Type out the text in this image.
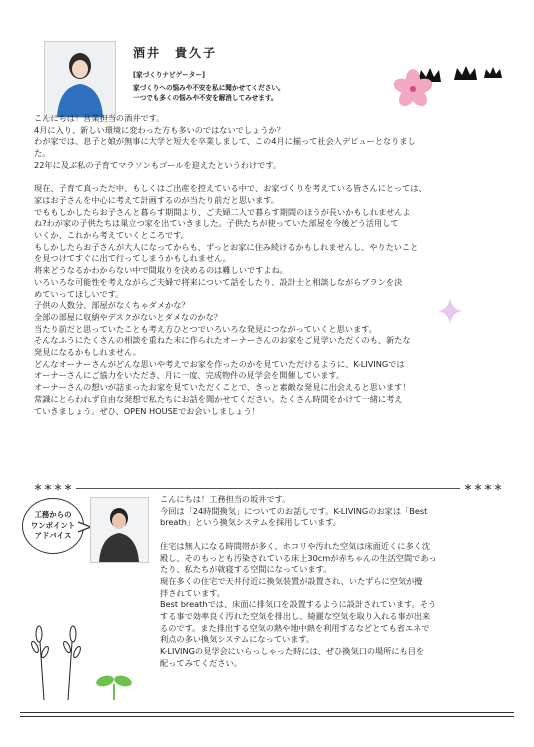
酒井　貴久子
[家づくりナビゲーター]
家づくりへの悩みや不安を私に聞かせてください。
一つでも多くの悩みや不安を解消してみせます。
こんにちは！営業担当の酒井です。
4月に入り、新しい環境に変わった方も多いのではないでしょうか？
わが家では、息子と娘が無事に大学と短大を卒業しまして、この4月に揃って社会人デビューとなりまし
た。
22年に及ぶ私の子育てマラソンもゴールを迎えたというわけです。

現在、子育て真っただ中、もしくはご出産を控えている中で、お家づくりを考えている皆さんにとっては、
家はお子さんを中心に考えて計画するのが当たり前だと思います。
でももしかしたらお子さんと暮らす期間より、ご夫婦二人で暮らす期間のほうが長いかもしれませんよ
ね?わが家の子供たちは巣立つ家を出ていきました。子供たちが使っていた部屋を今後どう活用して
いくか、これから考えていくところです。
もしかしたらお子さんが大人になってからも、ずっとお家に住み続けるかもしれませんし、やりたいこと
を見つけてすぐに出て行ってしまうかもしれません。
将来どうなるかわからない中で間取りを決めるのは難しいですよね。
いろいろな可能性を考えながらご夫婦で将来について話をしたり、設計士と相談しながらプランを決
めていってほしいです。
子供の人数分、部屋がなくちゃダメかな？
全部の部屋に収納やデスクがないとダメなのかな？
当たり前だと思っていたことも考え方ひとつでいろいろな発見につながっていくと思います。
そんなふうにたくさんの相談を重ねた末に作られたオーナーさんのお家をご見学いただくのも、新たな
発見になるかもしれません。
どんなオーナーさんがどんな思いや考えでお家を作ったのかを見ていただけるように、K-LIVINGでは
オーナーさんにご協力をいただき、月に一度、完成物件の見学会を開催しています。
オーナーさんの想いが詰まったお家を見ていただくことで、きっと素敵な発見に出会えると思います！
常識にとらわれず自由な発想で私たちにお話を聞かせてください。たくさん時間をかけて一緒に考え
ていきましょう。ぜひ、OPEN HOUSEでお会いしましょう！
＊＊＊＊	＊＊＊＊
工務からの
ワンポイント
アドバイス
こんにちは！工務担当の坂井です。
今回は「24時間換気」についてのお話しです。K-LIVINGのお家は「Best
breath」という換気システムを採用しています。

住宅は無人になる時間帯が多く、ホコリや汚れた空気は床面近くに多く沈
殿し、そのもっとも汚染されている床上30cmが赤ちゃんの生活空間であっ
たり、私たちが就寝する空間になっています。
現在多くの住宅で天井付近に換気装置が設置され、いたずらに空気が攪
拌されています。
Best breathでは、床面に排気口を設置するように設計されています。そう
する事で効率良く汚れた空気を排出し、綺麗な空気を取り入れる事が出来
るのです。また排出する空気の熱や地中熱を利用するなどとても省エネで
利点の多い換気システムになっています。
K-LIVINGの見学会にいらっしゃった時には、ぜひ換気口の場所にも目を
配ってみてください。
